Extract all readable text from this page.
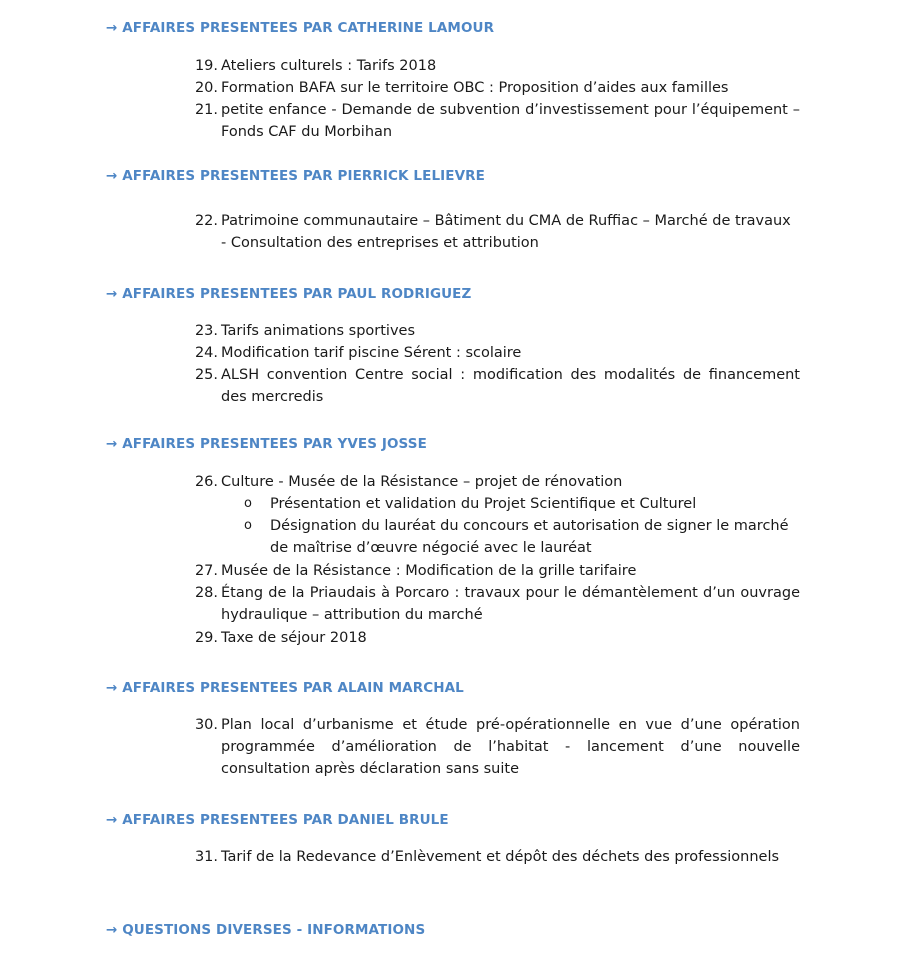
→ AFFAIRES PRESENTEES PAR CATHERINE LAMOUR
19. Ateliers culturels : Tarifs 2018
20. Formation BAFA sur le territoire OBC : Proposition d’aides aux familles
21. petite enfance - Demande de subvention d’investissement pour l’équipement – Fonds CAF du Morbihan
→ AFFAIRES PRESENTEES PAR PIERRICK LELIEVRE
22. Patrimoine communautaire – Bâtiment du CMA de Ruffiac – Marché de travaux - Consultation des entreprises et attribution
→ AFFAIRES PRESENTEES PAR PAUL RODRIGUEZ
23. Tarifs animations sportives
24. Modification tarif piscine Sérent : scolaire
25. ALSH convention Centre social : modification des modalités de financement des mercredis
→ AFFAIRES PRESENTEES PAR YVES JOSSE
26. Culture - Musée de la Résistance – projet de rénovation
o Présentation et validation du Projet Scientifique et Culturel
o Désignation du lauréat du concours et autorisation de signer le marché de maîtrise d’œuvre négocié avec le lauréat
27. Musée de la Résistance : Modification de la grille tarifaire
28. Étang de la Priaudais à Porcaro : travaux pour le démantèlement d’un ouvrage hydraulique – attribution du marché
29. Taxe de séjour 2018
→ AFFAIRES PRESENTEES PAR ALAIN MARCHAL
30. Plan local d’urbanisme et étude pré-opérationnelle en vue d’une opération programmée d’amélioration de l’habitat - lancement d’une nouvelle consultation après déclaration sans suite
→ AFFAIRES PRESENTEES PAR DANIEL BRULE
31. Tarif de la Redevance d’Enlèvement et dépôt des déchets des professionnels
→ QUESTIONS DIVERSES - INFORMATIONS
